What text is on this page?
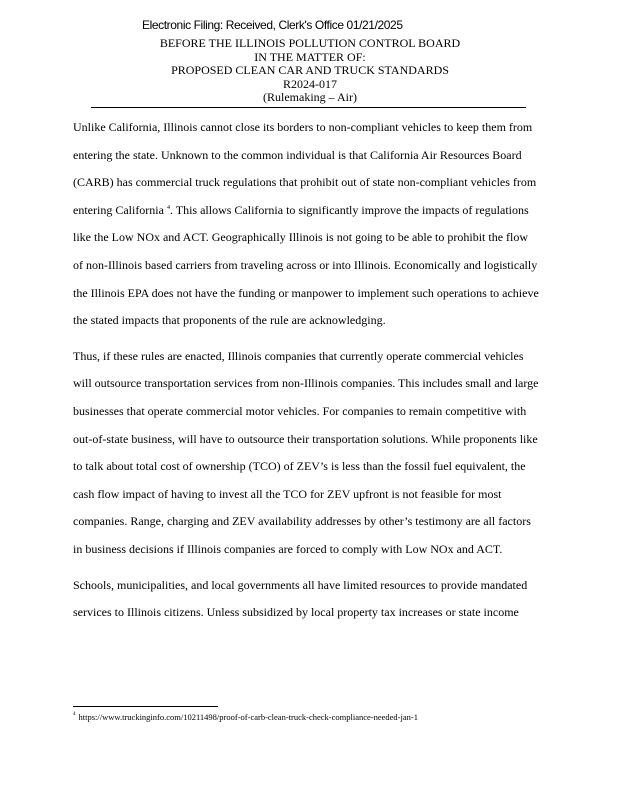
Electronic Filing: Received, Clerk's Office 01/21/2025
BEFORE THE ILLINOIS POLLUTION CONTROL BOARD
IN THE MATTER OF:
PROPOSED CLEAN CAR AND TRUCK STANDARDS
R2024-017
(Rulemaking – Air)
Unlike California, Illinois cannot close its borders to non-compliant vehicles to keep them from
entering the state. Unknown to the common individual is that California Air Resources Board
(CARB) has commercial truck regulations that prohibit out of state non-compliant vehicles from
entering California $^4$. This allows California to significantly improve the impacts of regulations
like the Low NOx and ACT. Geographically Illinois is not going to be able to prohibit the flow
of non-Illinois based carriers from traveling across or into Illinois. Economically and logistically
the Illinois EPA does not have the funding or manpower to implement such operations to achieve
the stated impacts that proponents of the rule are acknowledging.
Thus, if these rules are enacted, Illinois companies that currently operate commercial vehicles
will outsource transportation services from non-Illinois companies. This includes small and large
businesses that operate commercial motor vehicles. For companies to remain competitive with
out-of-state business, will have to outsource their transportation solutions. While proponents like
to talk about total cost of ownership (TCO) of ZEV’s is less than the fossil fuel equivalent, the
cash flow impact of having to invest all the TCO for ZEV upfront is not feasible for most
companies. Range, charging and ZEV availability addresses by other’s testimony are all factors
in business decisions if Illinois companies are forced to comply with Low NOx and ACT.
Schools, municipalities, and local governments all have limited resources to provide mandated
services to Illinois citizens. Unless subsidized by local property tax increases or state income
$^4$ https://www.truckinginfo.com/10211498/proof-of-carb-clean-truck-check-compliance-needed-jan-1
